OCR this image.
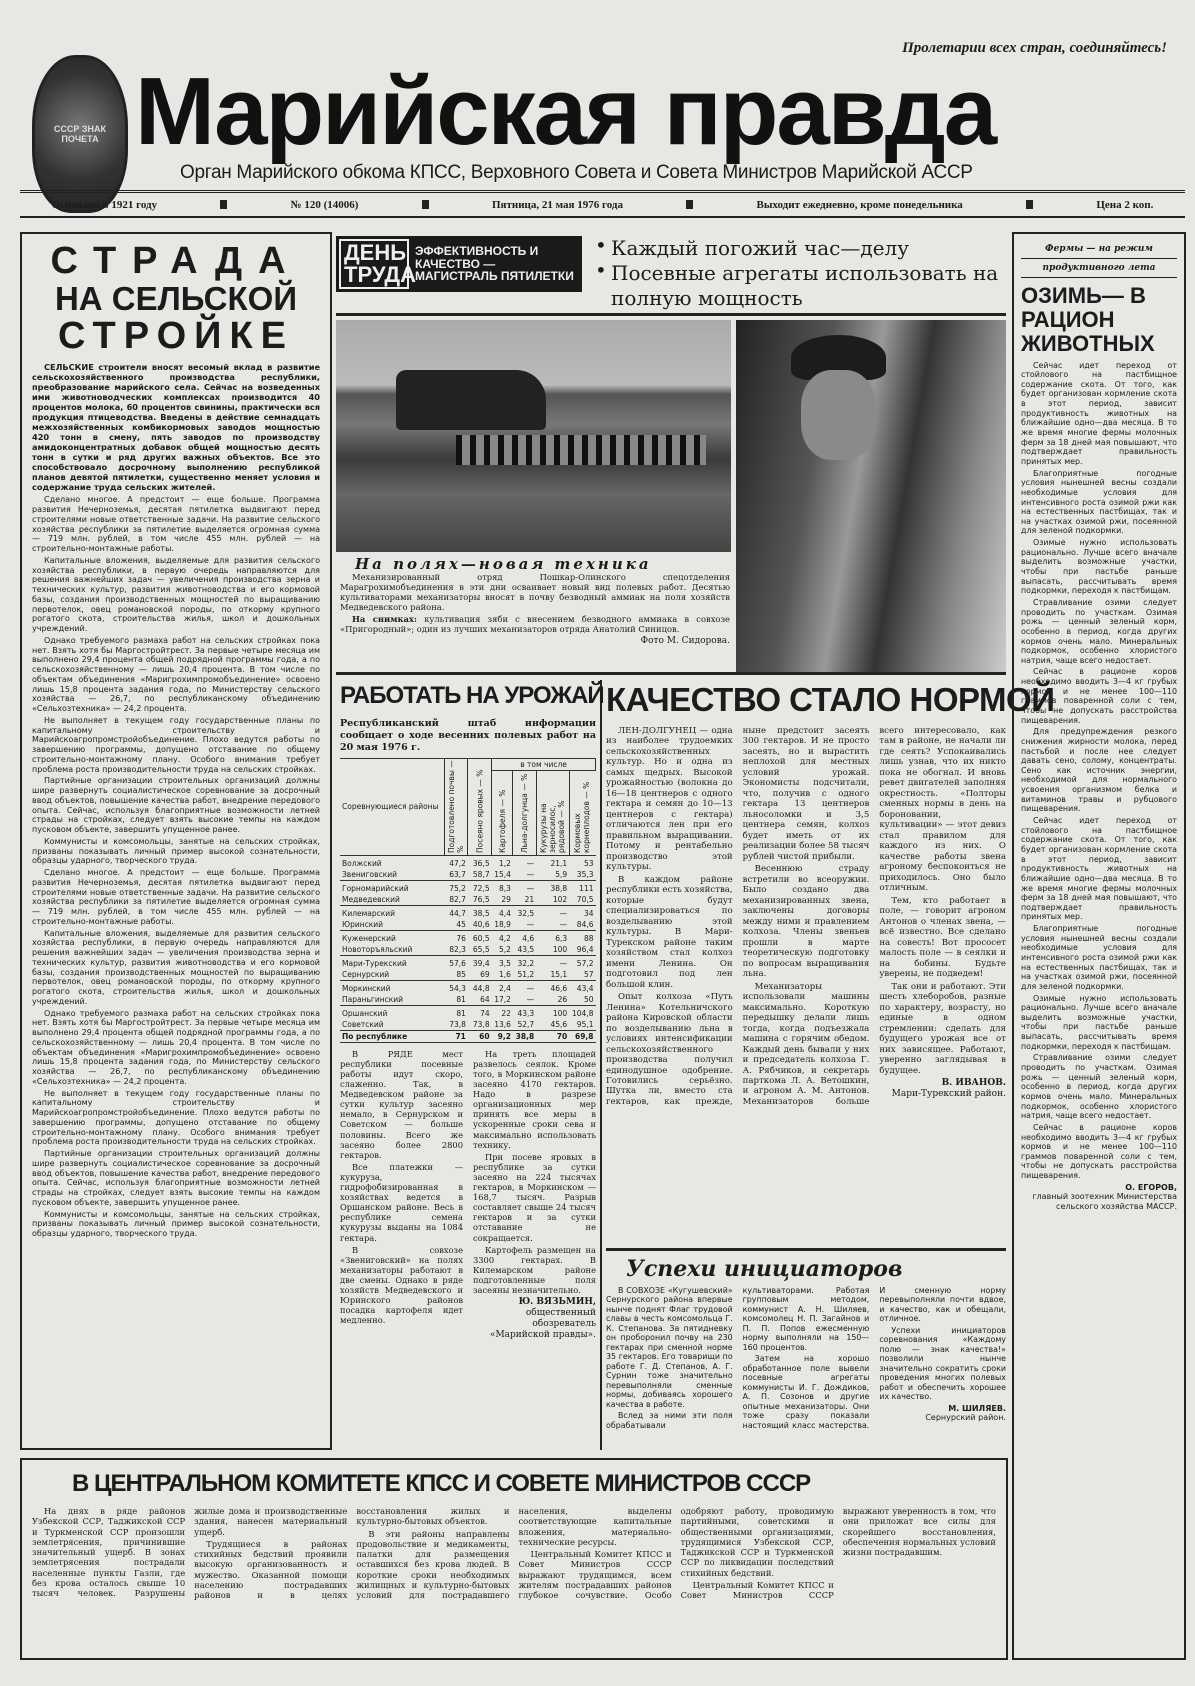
СССР ЗНАК ПОЧЕТА
Пролетарии всех стран, соединяйтесь!
Марийская правда
Орган Марийского обкома КПСС, Верховного Совета и Совета Министров Марийской АССР
Основана в 1921 году	№ 120 (14006)	Пятница, 21 мая 1976 года	Выходит ежедневно, кроме понедельника	Цена 2 коп.
СТРАДА
НА СЕЛЬСКОЙ
СТРОЙКЕ

СЕЛЬСКИЕ строители вносят весомый вклад в развитие сельскохозяйственного производства республики, преобразование марийского села. Сейчас на возведенных ими животноводческих комплексах производится 40 процентов молока, 60 процентов свинины, практически вся продукция птицеводства. Введены в действие семнадцать межхозяйственных комбикормовых заводов мощностью 420 тонн в смену, пять заводов по производству амидоконцентратных добавок общей мощностью десять тонн в сутки и ряд других важных объектов. Все это способствовало досрочному выполнению республикой планов девятой пятилетки, существенно меняет условия и содержание труда сельских жителей.

Сделано многое. А предстоит — еще больше. Программа развития Нечерноземья, десятая пятилетка выдвигают перед строителями новые ответственные задачи. На развитие сельского хозяйства республики за пятилетие выделяется огромная сумма — 719 млн. рублей, в том числе 455 млн. рублей — на строительно-монтажные работы.

Капитальные вложения, выделяемые для развития сельского хозяйства республики, в первую очередь направляются для решения важнейших задач — увеличения производства зерна и технических культур, развития животноводства и его кормовой базы, создания производственных мощностей по выращиванию первотелок, овец романовской породы, по откорму крупного рогатого скота, строительства жилья, школ и дошкольных учреждений.

Однако требуемого размаха работ на сельских стройках пока нет. Взять хотя бы Маргостройтрест. За первые четыре месяца им выполнено 29,4 процента общей подрядной программы года, а по сельскохозяйственному — лишь 20,4 процента. В том числе по объектам объединения «Маригрохимпромобъединение» освоено лишь 15,8 процента задания года, по Министерству сельского хозяйства — 26,7, по республиканскому объединению «Сельхозтехника» — 24,2 процента.

Не выполняет в текущем году государственные планы по капитальному строительству и Марийскоагропромстройобъединение. Плохо ведутся работы по завершению программы, допущено отставание по общему строительно-монтажному плану. Особого внимания требует проблема роста производительности труда на сельских стройках.

Партийные организации строительных организаций должны шире развернуть социалистическое соревнование за досрочный ввод объектов, повышение качества работ, внедрение передового опыта. Сейчас, используя благоприятные возможности летней страды на стройках, следует взять высокие темпы на каждом пусковом объекте, завершить упущенное ранее.

Коммунисты и комсомольцы, занятые на сельских стройках, призваны показывать личный пример высокой сознательности, образцы ударного, творческого труда.

Сделано многое. А предстоит — еще больше. Программа развития Нечерноземья, десятая пятилетка выдвигают перед строителями новые ответственные задачи. На развитие сельского хозяйства республики за пятилетие выделяется огромная сумма — 719 млн. рублей, в том числе 455 млн. рублей — на строительно-монтажные работы.

Капитальные вложения, выделяемые для развития сельского хозяйства республики, в первую очередь направляются для решения важнейших задач — увеличения производства зерна и технических культур, развития животноводства и его кормовой базы, создания производственных мощностей по выращиванию первотелок, овец романовской породы, по откорму крупного рогатого скота, строительства жилья, школ и дошкольных учреждений.

Однако требуемого размаха работ на сельских стройках пока нет. Взять хотя бы Маргостройтрест. За первые четыре месяца им выполнено 29,4 процента общей подрядной программы года, а по сельскохозяйственному — лишь 20,4 процента. В том числе по объектам объединения «Маригрохимпромобъединение» освоено лишь 15,8 процента задания года, по Министерству сельского хозяйства — 26,7, по республиканскому объединению «Сельхозтехника» — 24,2 процента.

Не выполняет в текущем году государственные планы по капитальному строительству и Марийскоагропромстройобъединение. Плохо ведутся работы по завершению программы, допущено отставание по общему строительно-монтажному плану. Особого внимания требует проблема роста производительности труда на сельских стройках.

Партийные организации строительных организаций должны шире развернуть социалистическое соревнование за досрочный ввод объектов, повышение качества работ, внедрение передового опыта. Сейчас, используя благоприятные возможности летней страды на стройках, следует взять высокие темпы на каждом пусковом объекте, завершить упущенное ранее.

Коммунисты и комсомольцы, занятые на сельских стройках, призваны показывать личный пример высокой сознательности, образцы ударного, творческого труда.

ДЕНЬ ТРУДА
ЭФФЕКТИВНОСТЬ И КАЧЕСТВО — МАГИСТРАЛЬ ПЯТИЛЕТКИ
• Каждый погожий час—делу
• Посевные агрегаты использовать на полную мощность
На полях—новая техника

Механизированный отряд Пошкар-Олинского спецотделения Марагрохимобъединения в эти дни осваивает новый вид полевых работ. Десятью культиваторами механизаторы вносят в почву безводный аммиак на поля хозяйств Медведевского района.

На снимках: культивация зяби с внесением безводного аммиака в совхозе «Пригородный»; один из лучших механизаторов отряда Анатолий Синицов.

Фото М. Сидорова.
РАБОТАТЬ НА УРОЖАЙ
Республиканский штаб информации сообщает о ходе весенних полевых работ на 20 мая 1976 г.
Соревнующиеся районы	Подготовлено почвы — %	Посеяно яровых — %	в том числе			
			Картофеля — %	Льна-долгунца — %	Кукурузы на зерносилос, рядовой — %	Кормовых корнеплодов — %
Волжский	47,2	36,5	1,2	—	21,1	53
Звениговский	63,7	58,7	15,4	—	5,9	35,3
Горномарийский	75,2	72,5	8,3	—	38,8	111
Медведевский	82,7	76,5	29	21	102	70,5
Килемарский	44,7	38,5	4,4	32,5	—	34
Юринский	45	40,6	18,9	—	—	84,6
Куженерский	76	60,5	4,2	4,6	6,3	88
Новоторъяльский	82,3	65,5	5,2	43,5	100	96,4
Мари-Турекский	57,6	39,4	3,5	32,2	—	57,2
Сернурский	85	69	1,6	51,2	15,1	57
Моркинский	54,3	44,8	2,4	—	46,6	43,4
Параньгинский	81	64	17,2	—	26	50
Оршанский	81	74	22	43,3	100	104,8
Советский	73,8	73,8	13,6	52,7	45,6	95,1
По республике	71	60	9,2	38,8	70	69,8

В РЯДЕ мест республики посевные работы идут скоро, слаженно. Так, в Медведевском районе за сутки культур засеяно немало, в Сернурском и Советском — больше половины. Всего же засеяно более 2800 гектаров.

Все платежки — кукуруза, гидрофобизированная в хозяйствах ведется в Оршанском районе. Весь в республике семена кукурузы выданы на 1084 гектара.

В совхозе «Звениговский» на полях механизаторы работают в две смены. Однако в ряде хозяйств Медведевского и Юринского районов посадка картофеля идет медленно.

На треть площадей развелось сеялок. Кроме того, в Моркинском районе засеяно 4170 гектаров. Надо в разрезе организационных мер принять все меры в ускоренные сроки сева и максимально использовать технику.

При посеве яровых в республике за сутки засеяно на 224 тысячах гектаров, в Моркинском — 168,7 тысяч. Разрыв составляет свыше 24 тысяч гектаров и за сутки отставание не сокращается.

Картофель размещен на 3300 гектарах. В Килемарском районе подготовленные поля засеяны незначительно.

Ю. ВЯЗЬМИН,
общественный обозреватель «Марийской правды».
КАЧЕСТВО СТАЛО НОРМОЙ

ЛЕН-ДОЛГУНЕЦ — одна из наиболее трудоемких сельскохозяйственных культур. Но и одна из самых щедрых. Высокой урожайностью (волокна до 16—18 центнеров с одного гектара и семян до 10—13 центнеров с гектара) отличаются лен при его правильном выращивании. Потому и рентабельно производство этой культуры.

В каждом районе республики есть хозяйства, которые будут специализироваться по возделыванию этой культуры. В Мари-Турекском районе таким хозяйством стал колхоз имени Ленина. Он подготовил под лен большой клин.

Опыт колхоза «Путь Ленина» Котельничского района Кировской области по возделыванию льна в условиях интенсификации сельскохозяйственного производства получил единодушное одобрение. Готовились серьёзно. Шутка ли, вместо ста гектаров, как прежде, ныне предстоит засеять 300 гектаров. И не просто засеять, но и вырастить неплохой для местных условий урожай. Экономисты подсчитали, что, получив с одного гектара 13 центнеров льносоломки и 3,5 центнера семян, колхоз будет иметь от их реализации более 58 тысяч рублей чистой прибыли.

Весеннюю страду встретили во всеоружии. Было создано два механизированных звена, заключены договоры между ними и правлением колхоза. Члены звеньев прошли в марте теоретическую подготовку по вопросам выращивания льна.

Механизаторы использовали машины максимально. Короткую передышку делали лишь тогда, когда подъезжала машина с горячим обедом. Каждый день бывали у них и председатель колхоза Г. А. Рябчиков, и секретарь парткома Л. А. Ветошкин, и агроном А. М. Антонов. Механизаторов больше всего интересовало, как там в районе, не начали ли где сеять? Успокаивались лишь узнав, что их никто пока не обогнал. И вновь ревет двигателей заполняя окрестность. «Полторы сменных нормы в день на бороновании, культивации» — этот девиз стал правилом для каждого из них. О качестве работы звена агроному беспокоиться не приходилось. Оно было отличным.

Тем, кто работает в поле, — говорит агроном Антонов о членах звена, — всё известно. Все сделано на совесть! Вот прососет малость поле — в сеялки и на бобины. Будьте уверены, не подведем!

Так они и работают. Эти шесть хлеборобов, разные по характеру, возрасту, но единые в одном стремлении: сделать для будущего урожая все от них зависящее. Работают, уверенно заглядывая в будущее.

В. ИВАНОВ.
Мари-Турекский район.
Успехи инициаторов

В СОВХОЗЕ «Кугушевский» Сернурского района впервые нынче поднят Флаг трудовой славы в честь комсомольца Г. К. Степанова. За пятидневку он проборонил почву на 230 гектарах при сменной норме 35 гектаров. Его товарищи по работе Г. Д. Степанов, А. Г. Сурнин тоже значительно перевыполняли сменные нормы, добиваясь хорошего качества в работе.

Вслед за ними эти поля обрабатывали культиваторами. Работая групповым методом, коммунист А. Н. Шиляев, комсомолец Н. П. Загайнов и П. П. Попов ежесменную норму выполняли на 150—160 процентов.

Затем на хорошо обработанное поле вывели посевные агрегаты коммунисты И. Г. Дождиков, А. П. Созонов и другие опытные механизаторы. Они тоже сразу показали настоящий класс мастерства. И сменную норму перевыполняли почти вдвое, и качество, как и обещали, отличное.

Успехи инициаторов соревнования «Каждому полю — знак качества!» позволили нынче значительно сократить сроки проведения многих полевых работ и обеспечить хорошее их качество.

М. ШИЛЯЕВ.
Сернурский район.
Фермы — на режим
продуктивного лета
ОЗИМЬ— В РАЦИОН ЖИВОТНЫХ

Сейчас идет переход от стойлового на пастбищное содержание скота. От того, как будет организован кормление скота в этот период, зависит продуктивность животных на ближайшие одно—два месяца. В то же время многие фермы молочных ферм за 18 дней мая повышают, что подтверждает правильность принятых мер.

Благоприятные погодные условия нынешней весны создали необходимые условия для интенсивного роста озимой ржи как на естественных пастбищах, так и на участках озимой ржи, посеянной для зеленой подкормки.

Озимые нужно использовать рационально. Лучше всего вначале выделить возможные участки, чтобы при пастьбе раньше выпасать, рассчитывать время подкормки, переходя к пастбищам.

Стравливание озими следует проводить по участкам. Озимая рожь — ценный зеленый корм, особенно в период, когда других кормов очень мало. Минеральных подкормок, особенно хлористого натрия, чаще всего недостает.

Сейчас в рационе коров необходимо вводить 3—4 кг грубых кормов и не менее 100—110 граммов поваренной соли с тем, чтобы не допускать расстройства пищеварения.

Для предупреждения резкого снижения жирности молока, перед пастьбой и после нее следует давать сено, солому, концентраты. Сено как источник энергии, необходимой для нормального усвоения организмом белка и витаминов травы и рубцового пищеварения.

Сейчас идет переход от стойлового на пастбищное содержание скота. От того, как будет организован кормление скота в этот период, зависит продуктивность животных на ближайшие одно—два месяца. В то же время многие фермы молочных ферм за 18 дней мая повышают, что подтверждает правильность принятых мер.

Благоприятные погодные условия нынешней весны создали необходимые условия для интенсивного роста озимой ржи как на естественных пастбищах, так и на участках озимой ржи, посеянной для зеленой подкормки.

Озимые нужно использовать рационально. Лучше всего вначале выделить возможные участки, чтобы при пастьбе раньше выпасать, рассчитывать время подкормки, переходя к пастбищам.

Стравливание озими следует проводить по участкам. Озимая рожь — ценный зеленый корм, особенно в период, когда других кормов очень мало. Минеральных подкормок, особенно хлористого натрия, чаще всего недостает.

Сейчас в рационе коров необходимо вводить 3—4 кг грубых кормов и не менее 100—110 граммов поваренной соли с тем, чтобы не допускать расстройства пищеварения.

О. ЕГОРОВ,
главный зоотехник Министерства сельского хозяйства МАССР.
В ЦЕНТРАЛЬНОМ КОМИТЕТЕ КПСС И СОВЕТЕ МИНИСТРОВ СССР

На днях в ряде районов Узбекской ССР, Таджикской ССР и Туркменской ССР произошли землетрясения, причинившие значительный ущерб. В зонах землетрясения пострадали населенные пункты Газли, где без крова осталось свыше 10 тысяч человек. Разрушены жилые дома и производственные здания, нанесен материальный ущерб.

Трудящиеся в районах стихийных бедствий проявили высокую организованность и мужество. Оказанной помощи населению пострадавших районов и в целях восстановления жилых и культурно-бытовых объектов.

В эти районы направлены продовольствие и медикаменты, палатки для размещения оставшихся без крова людей. В короткие сроки необходимых жилищных и культурно-бытовых условий для пострадавшего населения, выделены соответствующие капитальные вложения, материально-технические ресурсы.

Центральный Комитет КПСС и Совет Министров СССР выражают трудящимся, всем жителям пострадавших районов глубокое сочувствие. Особо одобряют работу, проводимую партийными, советскими и общественными организациями, трудящимися Узбекской ССР, Таджикской ССР и Туркменской ССР по ликвидации последствий стихийных бедствий.

Центральный Комитет КПСС и Совет Министров СССР выражают уверенность в том, что они приложат все силы для скорейшего восстановления, обеспечения нормальных условий жизни пострадавшим.
